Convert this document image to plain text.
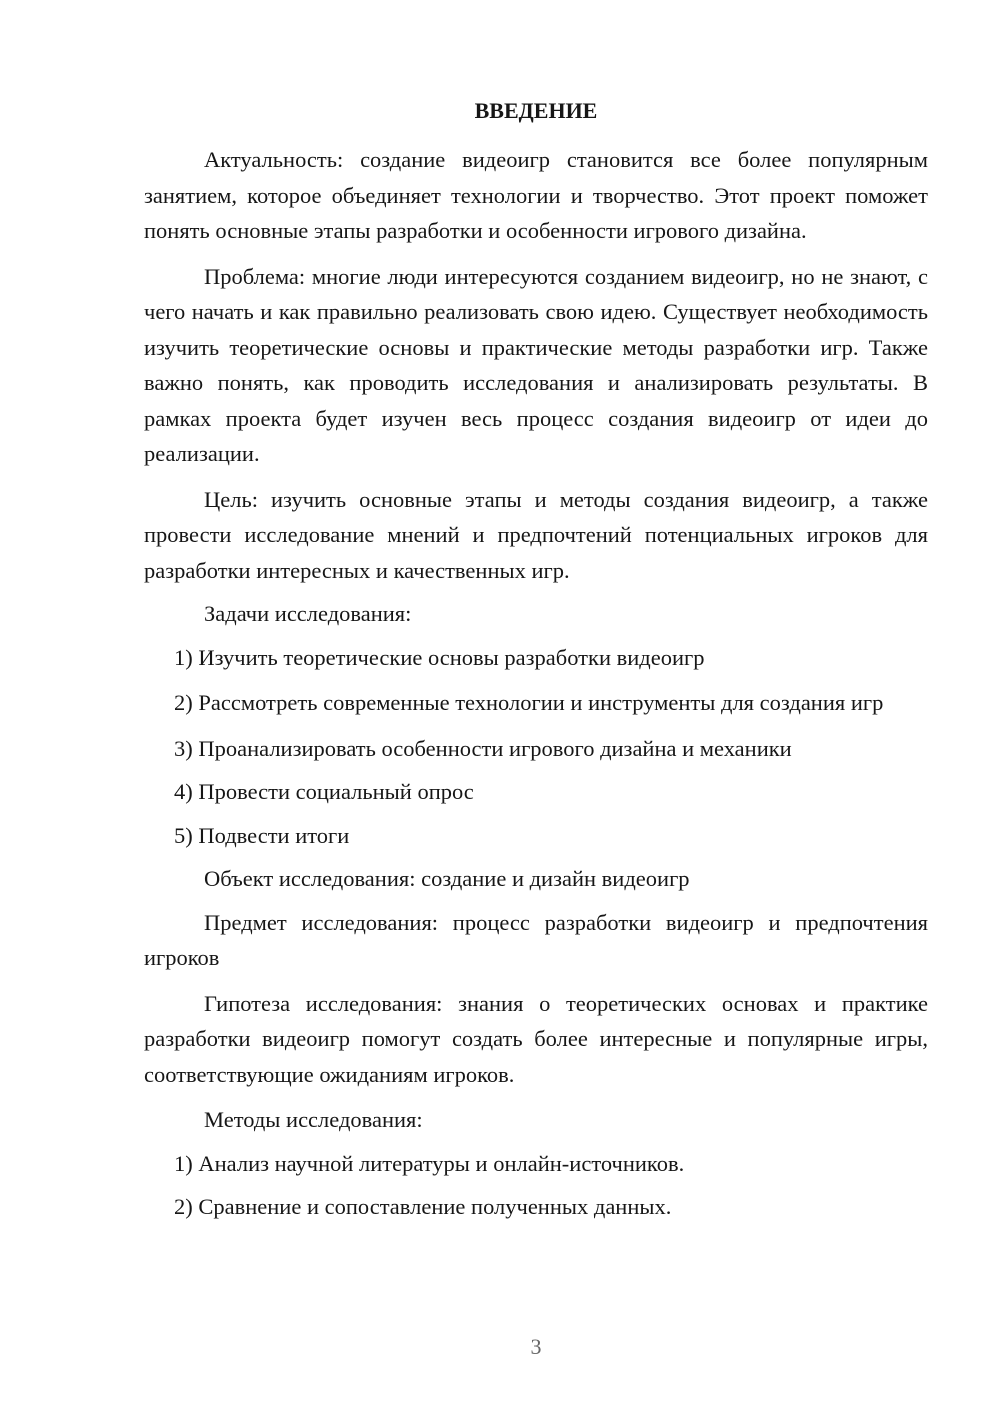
ВВЕДЕНИЕ

Актуальность: создание видеоигр становится все более популярным занятием, которое объединяет технологии и творчество. Этот проект поможет понять основные этапы разработки и особенности игрового дизайна.

Проблема: многие люди интересуются созданием видеоигр, но не знают, с чего начать и как правильно реализовать свою идею. Существует необходимость изучить теоретические основы и практические методы разработки игр. Также важно понять, как проводить исследования и анализировать результаты. В рамках проекта будет изучен весь процесс создания видеоигр от идеи до реализации.

Цель: изучить основные этапы и методы создания видеоигр, а также провести исследование мнений и предпочтений потенциальных игроков для разработки интересных и качественных игр.

Задачи исследования:

1) Изучить теоретические основы разработки видеоигр

2) Рассмотреть современные технологии и инструменты для создания игр

3) Проанализировать особенности игрового дизайна и механики

4) Провести социальный опрос

5) Подвести итоги

Объект исследования: создание и дизайн видеоигр

Предмет исследования: процесс разработки видеоигр и предпочтения игроков

Гипотеза исследования: знания о теоретических основах и практике разработки видеоигр помогут создать более интересные и популярные игры, соответствующие ожиданиям игроков.

Методы исследования:

1) Анализ научной литературы и онлайн-источников.

2) Сравнение и сопоставление полученных данных.

3
